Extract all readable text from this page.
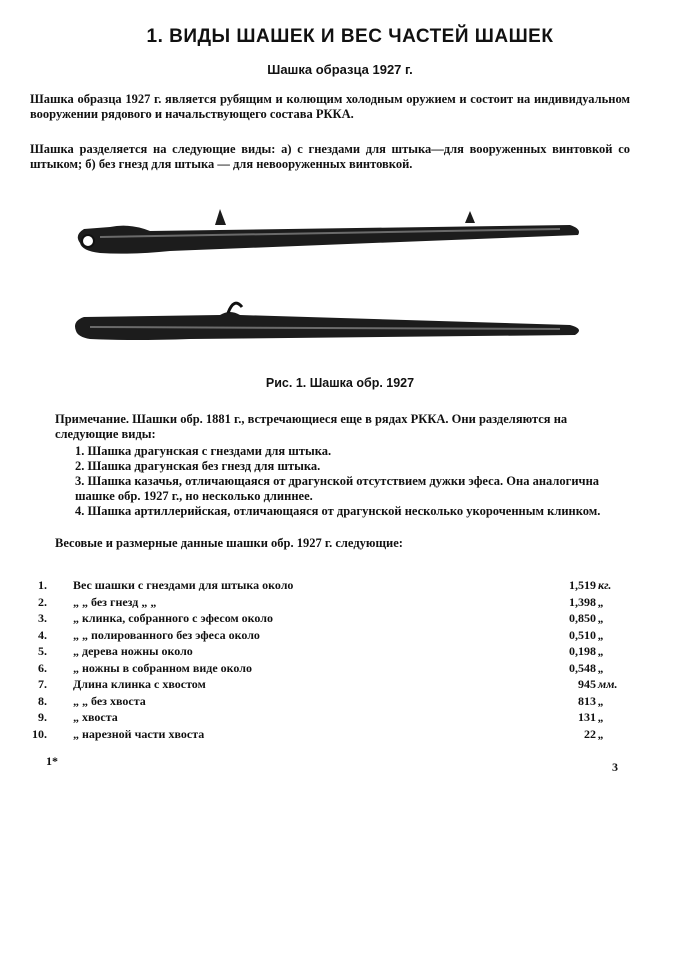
1. ВИДЫ ШАШЕК И ВЕС ЧАСТЕЙ ШАШЕК
Шашка образца 1927 г.
Шашка образца 1927 г. является рубящим и колющим холодным оружием и состоит на индивидуальном вооружении рядового и начальствующего состава РККА.
Шашка разделяется на следующие виды: а) с гнездами для штыка—для вооруженных винтовкой со штыком; б) без гнезд для штыка — для невооруженных винтовкой.
Рис. 1. Шашка обр. 1927
Примечание. Шашки обр. 1881 г., встречающиеся еще в рядах РККА. Они разделяются на следующие виды:
1. Шашка драгунская с гнездами для штыка.
2. Шашка драгунская без гнезд для штыка.
3. Шашка казачья, отличающаяся от драгунской отсутствием дужки эфеса. Она аналогична шашке обр. 1927 г., но несколько длиннее.
4. Шашка артиллерийская, отличающаяся от драгунской несколько укороченным клинком.
Весовые и размерные данные шашки обр. 1927 г. следующие:
1. Вес шашки с гнездами для штыка около	1,519 кг.
2. „ „ без гнезд „ „	1,398 „
3. „ клинка, собранного с эфесом около	0,850 „
4. „ „ полированного без эфеса около	0,510 „
5. „ дерева ножны около	0,198 „
6. „ ножны в собранном виде около	0,548 „
7. Длина клинка с хвостом	945 мм.
8. „ „ без хвоста	813 „
9. „ хвоста	131 „
10. „ нарезной части хвоста	22 „
1*	3
